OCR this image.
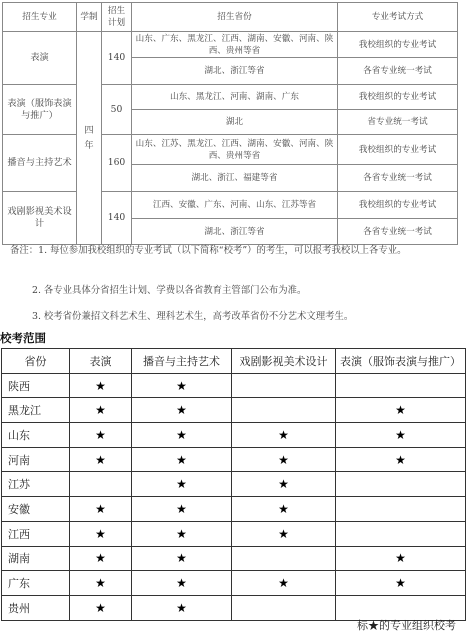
招生专业	学制	招生计划	招生省份	专业考试方式
表演	四年	140	山东、广东、黑龙江、江西、湖南、安徽、河南、陕西、贵州等省	我校组织的专业考试
			湖北、浙江等省	各省专业统一考试
表演（服饰表演与推广）		50	山东、黑龙江、河南、湖南、广东	我校组织的专业考试
			湖北	省专业统一考试
播音与主持艺术		160	山东、江苏、黑龙江、江西、湖南、安徽、河南、陕西、贵州等省	我校组织的专业考试
			湖北、浙江、福建等省	各省专业统一考试
戏剧影视美术设计		140	江西、安徽、广东、河南、山东、江苏等省	我校组织的专业考试
			湖北、浙江等省	各省专业统一考试
备注：1. 每位参加我校组织的专业考试（以下简称“校考”）的考生，可以报考我校以上各专业。
2. 各专业具体分省招生计划、学费以各省教育主管部门公布为准。
3. 校考省份兼招文科艺术生、理科艺术生，高考改革省份不分艺术文理考生。
校考范围
省份	表演	播音与主持艺术	戏剧影视美术设计	表演（服饰表演与推广）
陕西	★	★		
黑龙江	★	★		★
山东	★	★	★	★
河南	★	★	★	★
江苏		★	★	
安徽	★	★	★	
江西	★	★	★	
湖南	★	★		★
广东	★	★	★	★
贵州	★	★		
标★的专业组织校考
